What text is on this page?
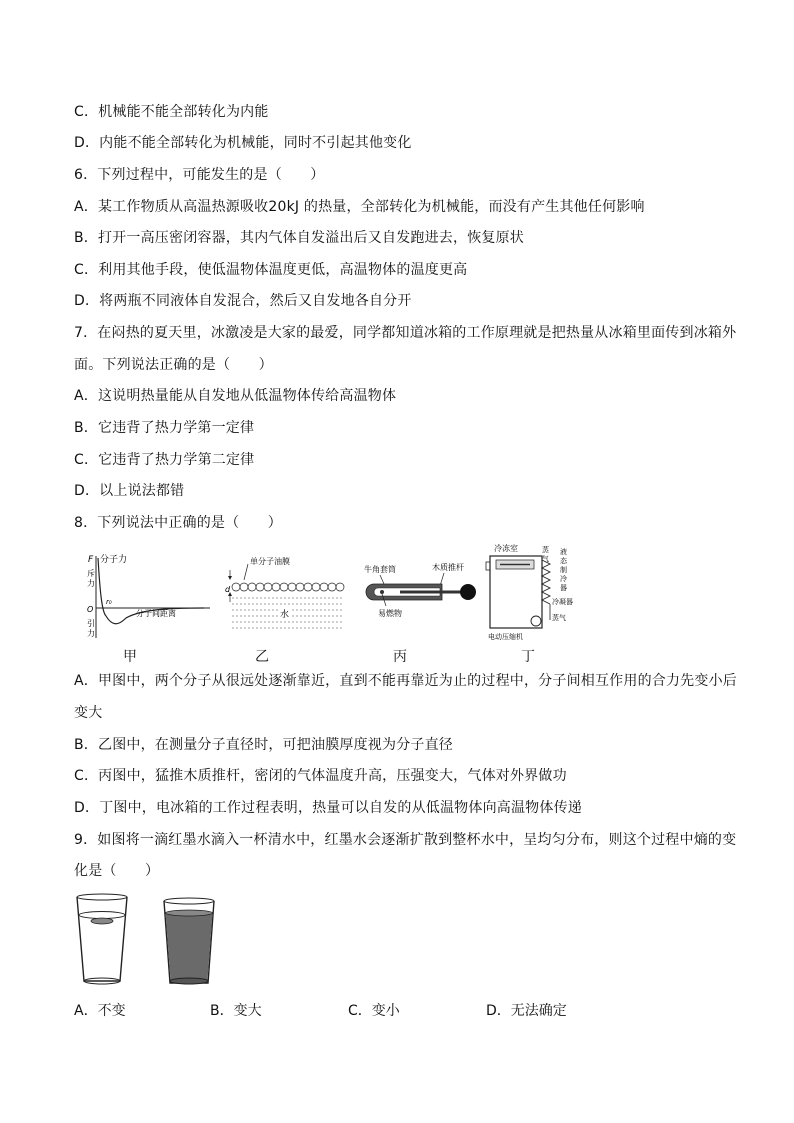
C．机械能不能全部转化为内能
D．内能不能全部转化为机械能，同时不引起其他变化
6．下列过程中，可能发生的是（　　）
A．某工作物质从高温热源吸收20kJ 的热量，全部转化为机械能，而没有产生其他任何影响
B．打开一高压密闭容器，其内气体自发溢出后又自发跑进去，恢复原状
C．利用其他手段，使低温物体温度更低，高温物体的温度更高
D．将两瓶不同液体自发混合，然后又自发地各自分开
7．在闷热的夏天里，冰激凌是大家的最爱，同学都知道冰箱的工作原理就是把热量从冰箱里面传到冰箱外
面。下列说法正确的是（　　）
A．这说明热量能从自发地从低温物体传给高温物体
B．它违背了热力学第一定律
C．它违背了热力学第二定律
D．以上说法都错
8．下列说法中正确的是（　　）
F 分子力
斥
力
O
r₀
分子间距离
引
力
甲
单分子油膜
d
水
乙
牛角套筒	木质推杆
易燃物
丙
冷冻室	蒸
气
液
态
制
冷
器
冷凝器
蒸气
电动压缩机
丁
A．甲图中，两个分子从很远处逐渐靠近，直到不能再靠近为止的过程中，分子间相互作用的合力先变小后
变大
B．乙图中，在测量分子直径时，可把油膜厚度视为分子直径
C．丙图中，猛推木质推杆，密闭的气体温度升高，压强变大，气体对外界做功
D．丁图中，电冰箱的工作过程表明，热量可以自发的从低温物体向高温物体传递
9．如图将一滴红墨水滴入一杯清水中，红墨水会逐渐扩散到整杯水中，呈均匀分布，则这个过程中熵的变
化是（　　）
A．不变	B．变大	C．变小	D．无法确定
